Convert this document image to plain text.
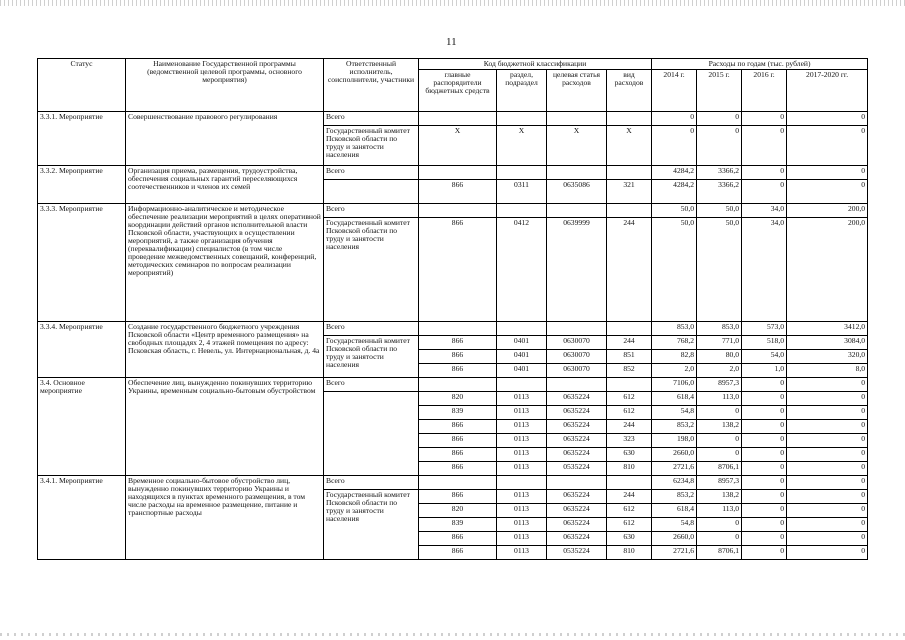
11
Статус	Наименование Государственной программы (ведомственной целевой программы, основного мероприятия)	Ответственный исполнитель, соисполнители, участники	Код бюджетной классификации				Расходы по годам (тыс. рублей)			
			главные распорядители бюджетных средств	раздел, подраздел	целевая статья расходов	вид расходов	2014 г.	2015 г.	2016 г.	2017-2020 гг.
3.3.1. Мероприятие	Совершенствование правового регулирования	Всего					0	0	0	0
		Государственный комитет Псковской области по труду и занятости населения	X	X	X	X	0	0	0	0
3.3.2. Мероприятие	Организация приема, размещения, трудоустройства, обеспечения социальных гарантий переселяющихся соотечественников и членов их семей	Всего					4284,2	3366,2	0	0
			866	0311	0635086	321	4284,2	3366,2	0	0
3.3.3. Мероприятие	Информационно-аналитическое и методическое обеспечение реализации мероприятий в целях оперативной координации действий органов исполнительной власти Псковской области, участвующих в осуществлении мероприятий, а также организация обучения (переквалификации) специалистов (в том числе проведение межведомственных совещаний, конференций, методических семинаров по вопросам реализации мероприятий)	Всего					50,0	50,0	34,0	200,0
		Государственный комитет Псковской области по труду и занятости населения	866	0412	0639999	244	50,0	50,0	34,0	200,0
3.3.4. Мероприятие	Создание государственного бюджетного учреждения Псковской области «Центр временного размещения» на свободных площадях 2, 4 этажей помещения по адресу: Псковская область, г. Невель, ул. Интернациональная, д. 4а	Всего					853,0	853,0	573,0	3412,0
		Государственный комитет Псковской области по труду и занятости населения	866	0401	0630070	244	768,2	771,0	518,0	3084,0
			866	0401	0630070	851	82,8	80,0	54,0	320,0
			866	0401	0630070	852	2,0	2,0	1,0	8,0
3.4. Основное мероприятие	Обеспечение лиц, вынужденно покинувших территорию Украины, временным социально-бытовым обустройством	Всего					7106,0	8957,3	0	0
			820	0113	0635224	612	618,4	113,0	0	0
			839	0113	0635224	612	54,8	0	0	0
			866	0113	0635224	244	853,2	138,2	0	0
			866	0113	0635224	323	198,0	0	0	0
			866	0113	0635224	630	2660,0	0	0	0
			866	0113	0535224	810	2721,6	8706,1	0	0
3.4.1. Мероприятие	Временное социально-бытовое обустройство лиц, вынужденно покинувших территорию Украины и находящихся в пунктах временного размещения, в том числе расходы на временное размещение, питание и транспортные расходы	Всего					6234,8	8957,3	0	0
		Государственный комитет Псковской области по труду и занятости населения	866	0113	0635224	244	853,2	138,2	0	0
			820	0113	0635224	612	618,4	113,0	0	0
			839	0113	0635224	612	54,8	0	0	0
			866	0113	0635224	630	2660,0	0	0	0
			866	0113	0535224	810	2721,6	8706,1	0	0
